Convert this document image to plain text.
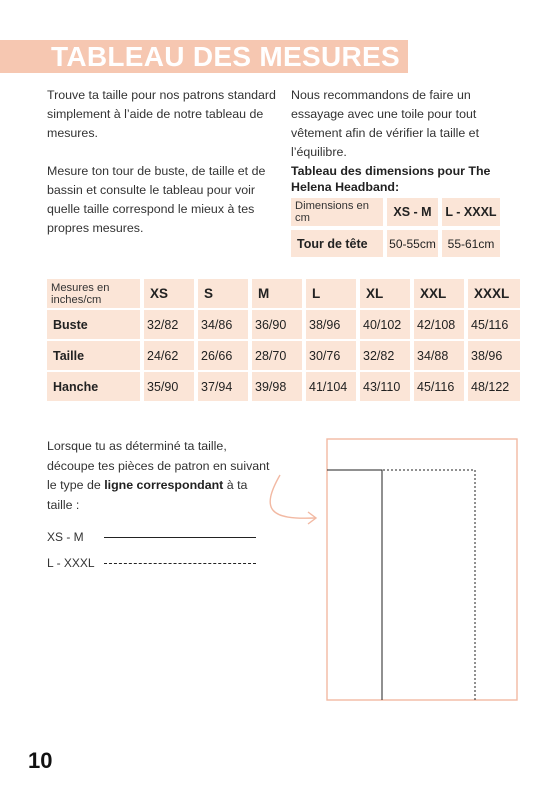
TABLEAU DES MESURES

Trouve ta taille pour nos patrons standard simplement à l’aide de notre tableau de mesures.

Mesure ton tour de buste, de taille et de bassin et consulte le tableau pour voir quelle taille correspond le mieux à tes propres mesures.

Nous recommandons de faire un essayage avec une toile pour tout vêtement afin de vérifier la taille et l’équilibre.

Tableau des dimensions pour The Helena Headband:
Dimensions en cm	XS - M	L - XXXL
Tour de tête	50-55cm 55-61cm
Mesures en inches/cm	XS	S	M	L	XL	XXL	XXXL
Buste	32/82	34/86	36/90	38/96	40/102	42/108	45/116
Taille	24/62	26/66	28/70	30/76	32/82	34/88	38/96
Hanche	35/90	37/94	39/98	41/104	43/110	45/116	48/122
Lorsque tu as déterminé ta taille, découpe tes pièces de patron en suivant le type de ligne correspondant à ta taille :
XS - M
L - XXXL
10
